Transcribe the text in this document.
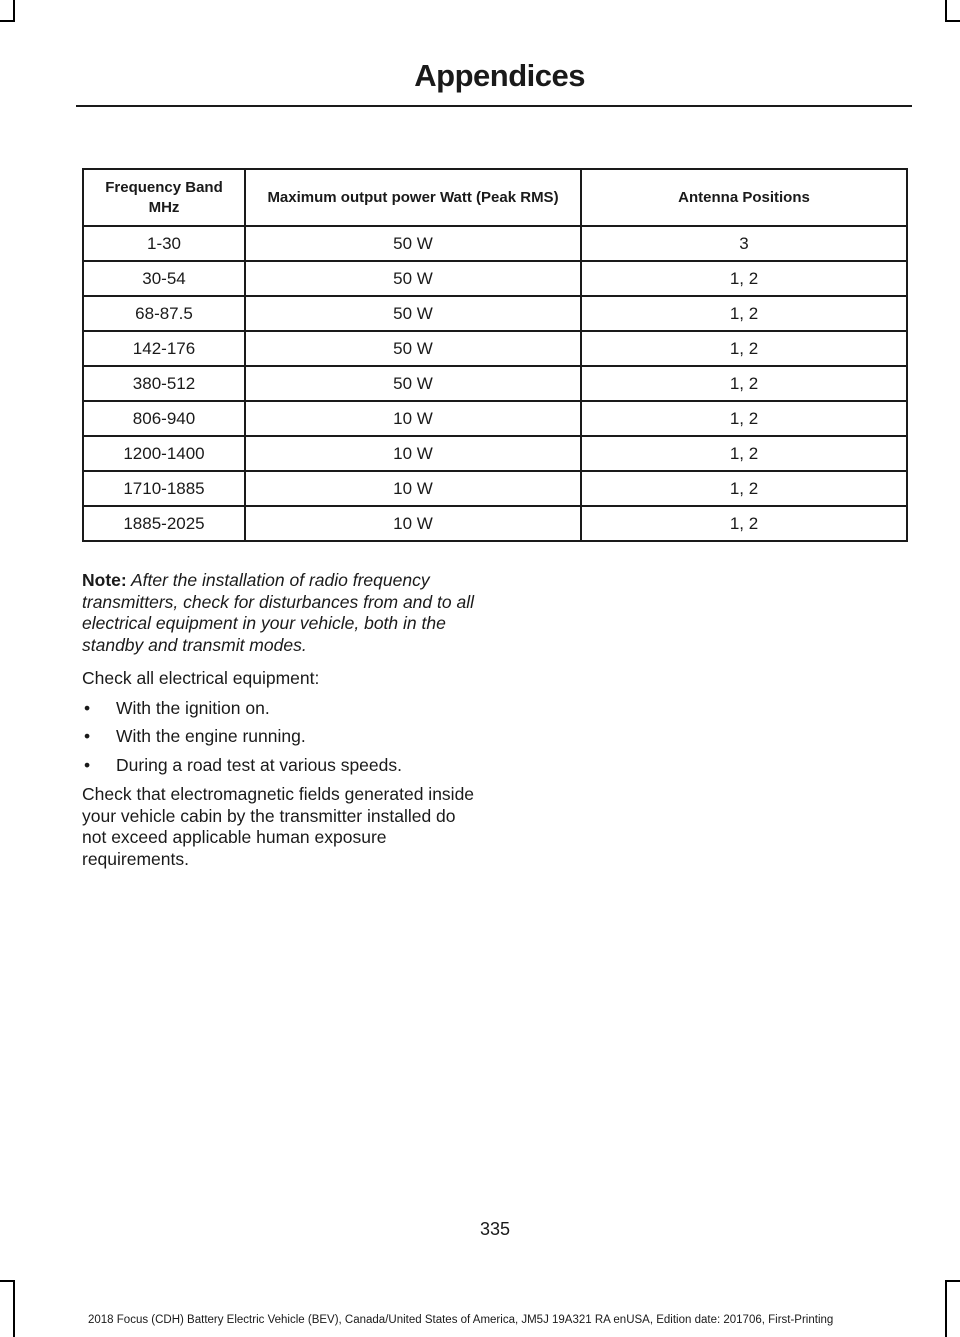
Appendices
Frequency Band MHz	Maximum output power Watt (Peak RMS)	Antenna Positions
1-30	50 W	3
30-54	50 W	1, 2
68-87.5	50 W	1, 2
142-176	50 W	1, 2
380-512	50 W	1, 2
806-940	10 W	1, 2
1200-1400	10 W	1, 2
1710-1885	10 W	1, 2
1885-2025	10 W	1, 2

Note: After the installation of radio frequency transmitters, check for disturbances from and to all electrical equipment in your vehicle, both in the standby and transmit modes.

Check all electrical equipment:

• With the ignition on.
• With the engine running.
• During a road test at various speeds.

Check that electromagnetic fields generated inside your vehicle cabin by the transmitter installed do not exceed applicable human exposure requirements.

335
2018 Focus (CDH) Battery Electric Vehicle (BEV), Canada/United States of America, JM5J 19A321 RA enUSA, Edition date: 201706, First-Printing
